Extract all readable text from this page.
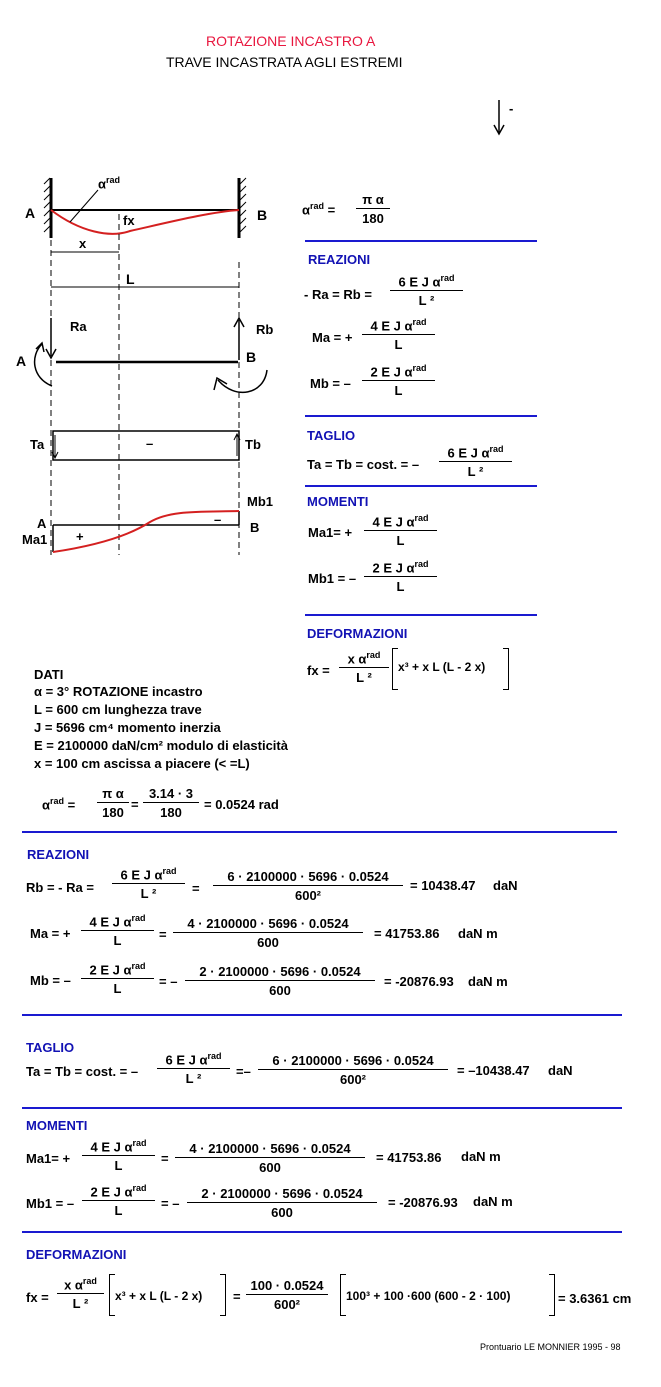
ROTAZIONE INCASTRO A
TRAVE INCASTRATA AGLI ESTREMI
A	B
$\alpha^{rad}$
fx
x
L
Ra	Rb
A	B
Ta	Tb
–
Mb1
A
Ma1
B
+
–
-
$\alpha^{rad} = \frac{\text{π α}}{180}$
REAZIONI
- Ra = Rb =
6 E J $\alpha^{rad}$
L ²
Ma = +
4 E J $\alpha^{rad}$
L
Mb = –
2 E J $\alpha^{rad}$
L
TAGLIO
Ta = Tb = cost. = –
6 E J $\alpha^{rad}$
L ²
MOMENTI
Ma1= +
4 E J $\alpha^{rad}$
L
Mb1 = –
2 E J $\alpha^{rad}$
L
DEFORMAZIONI
fx =
x $\alpha^{rad}$
L ²
x³ + x L (L - 2 x)
DATI
α = 3° ROTAZIONE incastro
L = 600 cm lunghezza trave
J = 5696 cm⁴ momento inerzia
E = 2100000 daN/cm² modulo di elasticità
x = 100 cm ascissa a piacere (< =L)
$\alpha^{rad} = \frac{\text{π α}}{180} = \frac{3.14 \cdot 3}{180} = 0.0524$ rad
REAZIONI
Rb = - Ra =
6 E J $\alpha^{rad}$
L ²	= $\frac{6 \cdot 2100000 \cdot 5696 \cdot 0.0524}{\text{600²}} = 10438.47$ daN
Ma = +
4 E J $\alpha^{rad}$
L	= $\frac{4 \cdot 2100000 \cdot 5696 \cdot 0.0524}{600} = 41753.86$ daN m
Mb = –
2 E J $\alpha^{rad}$
L	= – $\frac{2 \cdot 2100000 \cdot 5696 \cdot 0.0524}{600} = -20876.93$ daN m
TAGLIO
Ta = Tb = cost. = –
6 E J $\alpha^{rad}$
L ²	=– $\frac{6 \cdot 2100000 \cdot 5696 \cdot 0.0524}{\text{600²}} = -10438.47$ daN
MOMENTI
Ma1= +
4 E J $\alpha^{rad}$
L	= $\frac{4 \cdot 2100000 \cdot 5696 \cdot 0.0524}{600} = 41753.86$ daN m
Mb1 = –
2 E J $\alpha^{rad}$
L	= – $\frac{2 \cdot 2100000 \cdot 5696 \cdot 0.0524}{600} = -20876.93$ daN m
DEFORMAZIONI
fx =
x $\alpha^{rad}$
L ²
x³ + x L (L - 2 $x) = \frac{100 \cdot 0.0524}{\text{600²}} 100^3 + 100 \cdot 600$ (600 - 2 · 100)	= 3.6361 cm
Prontuario LE MONNIER 1995 - 98
